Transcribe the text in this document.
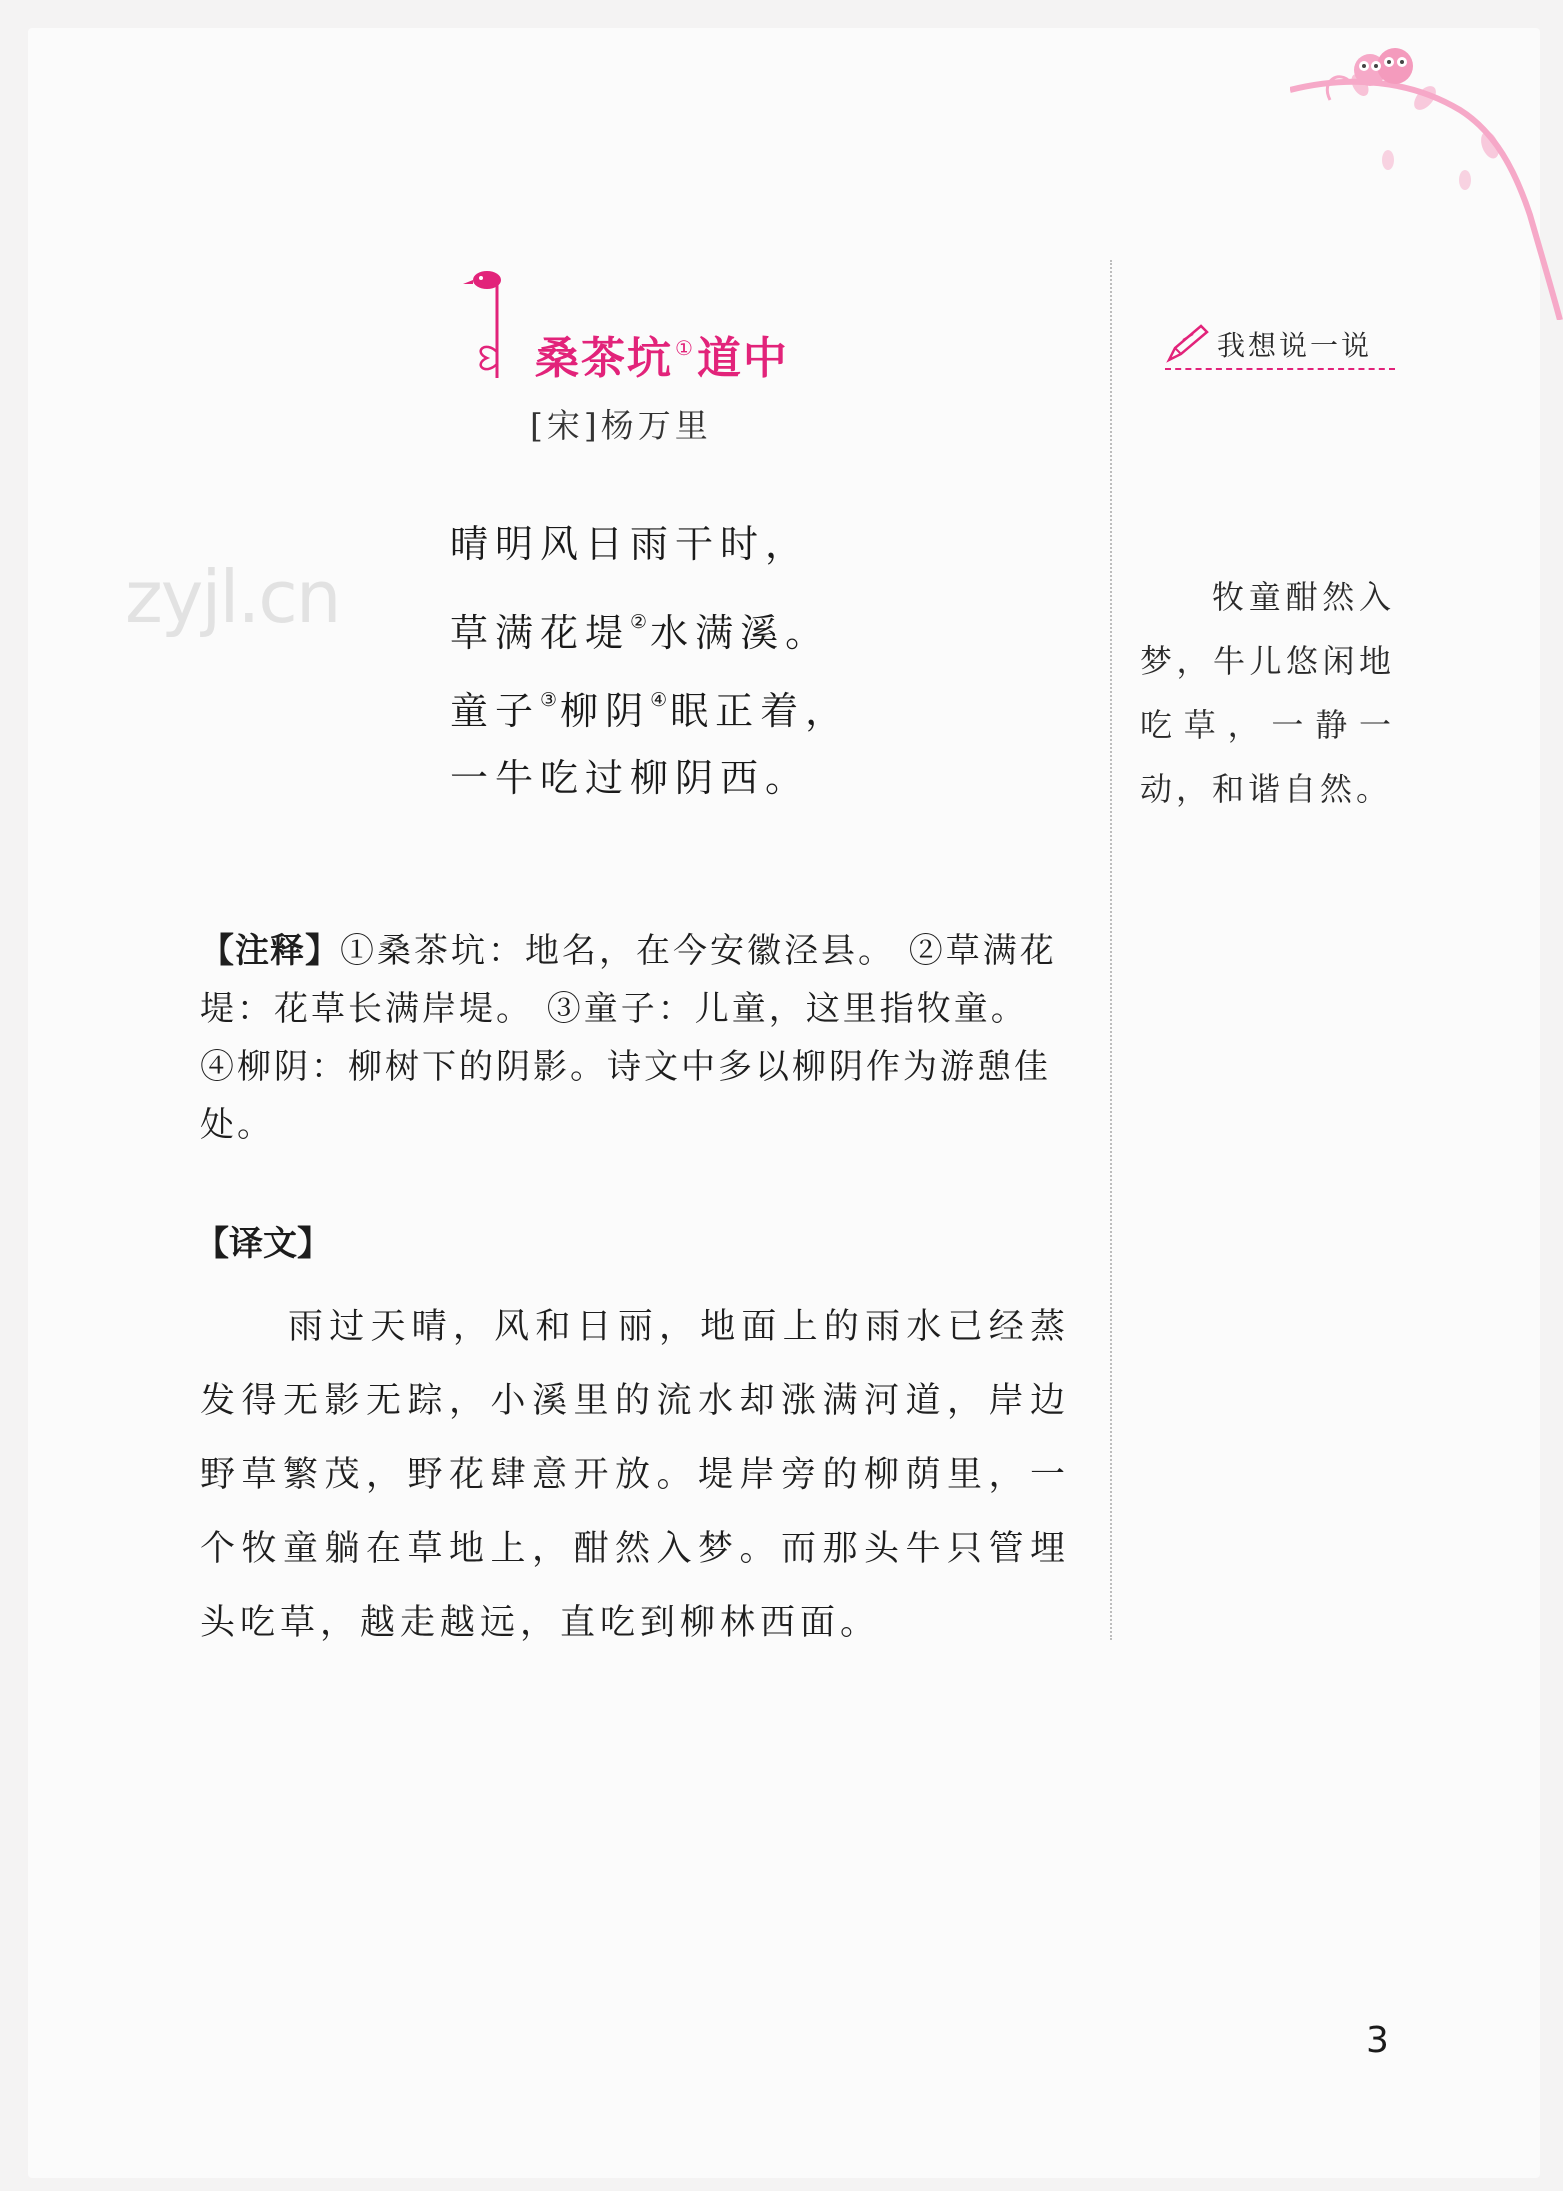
桑茶坑 ①道中
[宋]杨万里
zyjl.cn
晴明风日雨干时，
草满花堤②水满溪。
童子③柳阴④眠正着，
一牛吃过柳阴西。
【注释】①桑茶坑：地名，在今安徽泾县。 ②草满花堤：花草长满岸堤。 ③童子：儿童，这里指牧童。 ④柳阴：柳树下的阴影。诗文中多以柳阴作为游憩佳处。
【译文】
雨过天晴，风和日丽，地面上的雨水已经蒸发得无影无踪，小溪里的流水却涨满河道，岸边野草繁茂，野花肆意开放。堤岸旁的柳荫里，一个牧童躺在草地上，酣然入梦。而那头牛只管埋头吃草，越走越远，直吃到柳林西面。
我想说一说
牧童酣然入梦，牛儿悠闲地吃草，一静一动，和谐自然。
3
